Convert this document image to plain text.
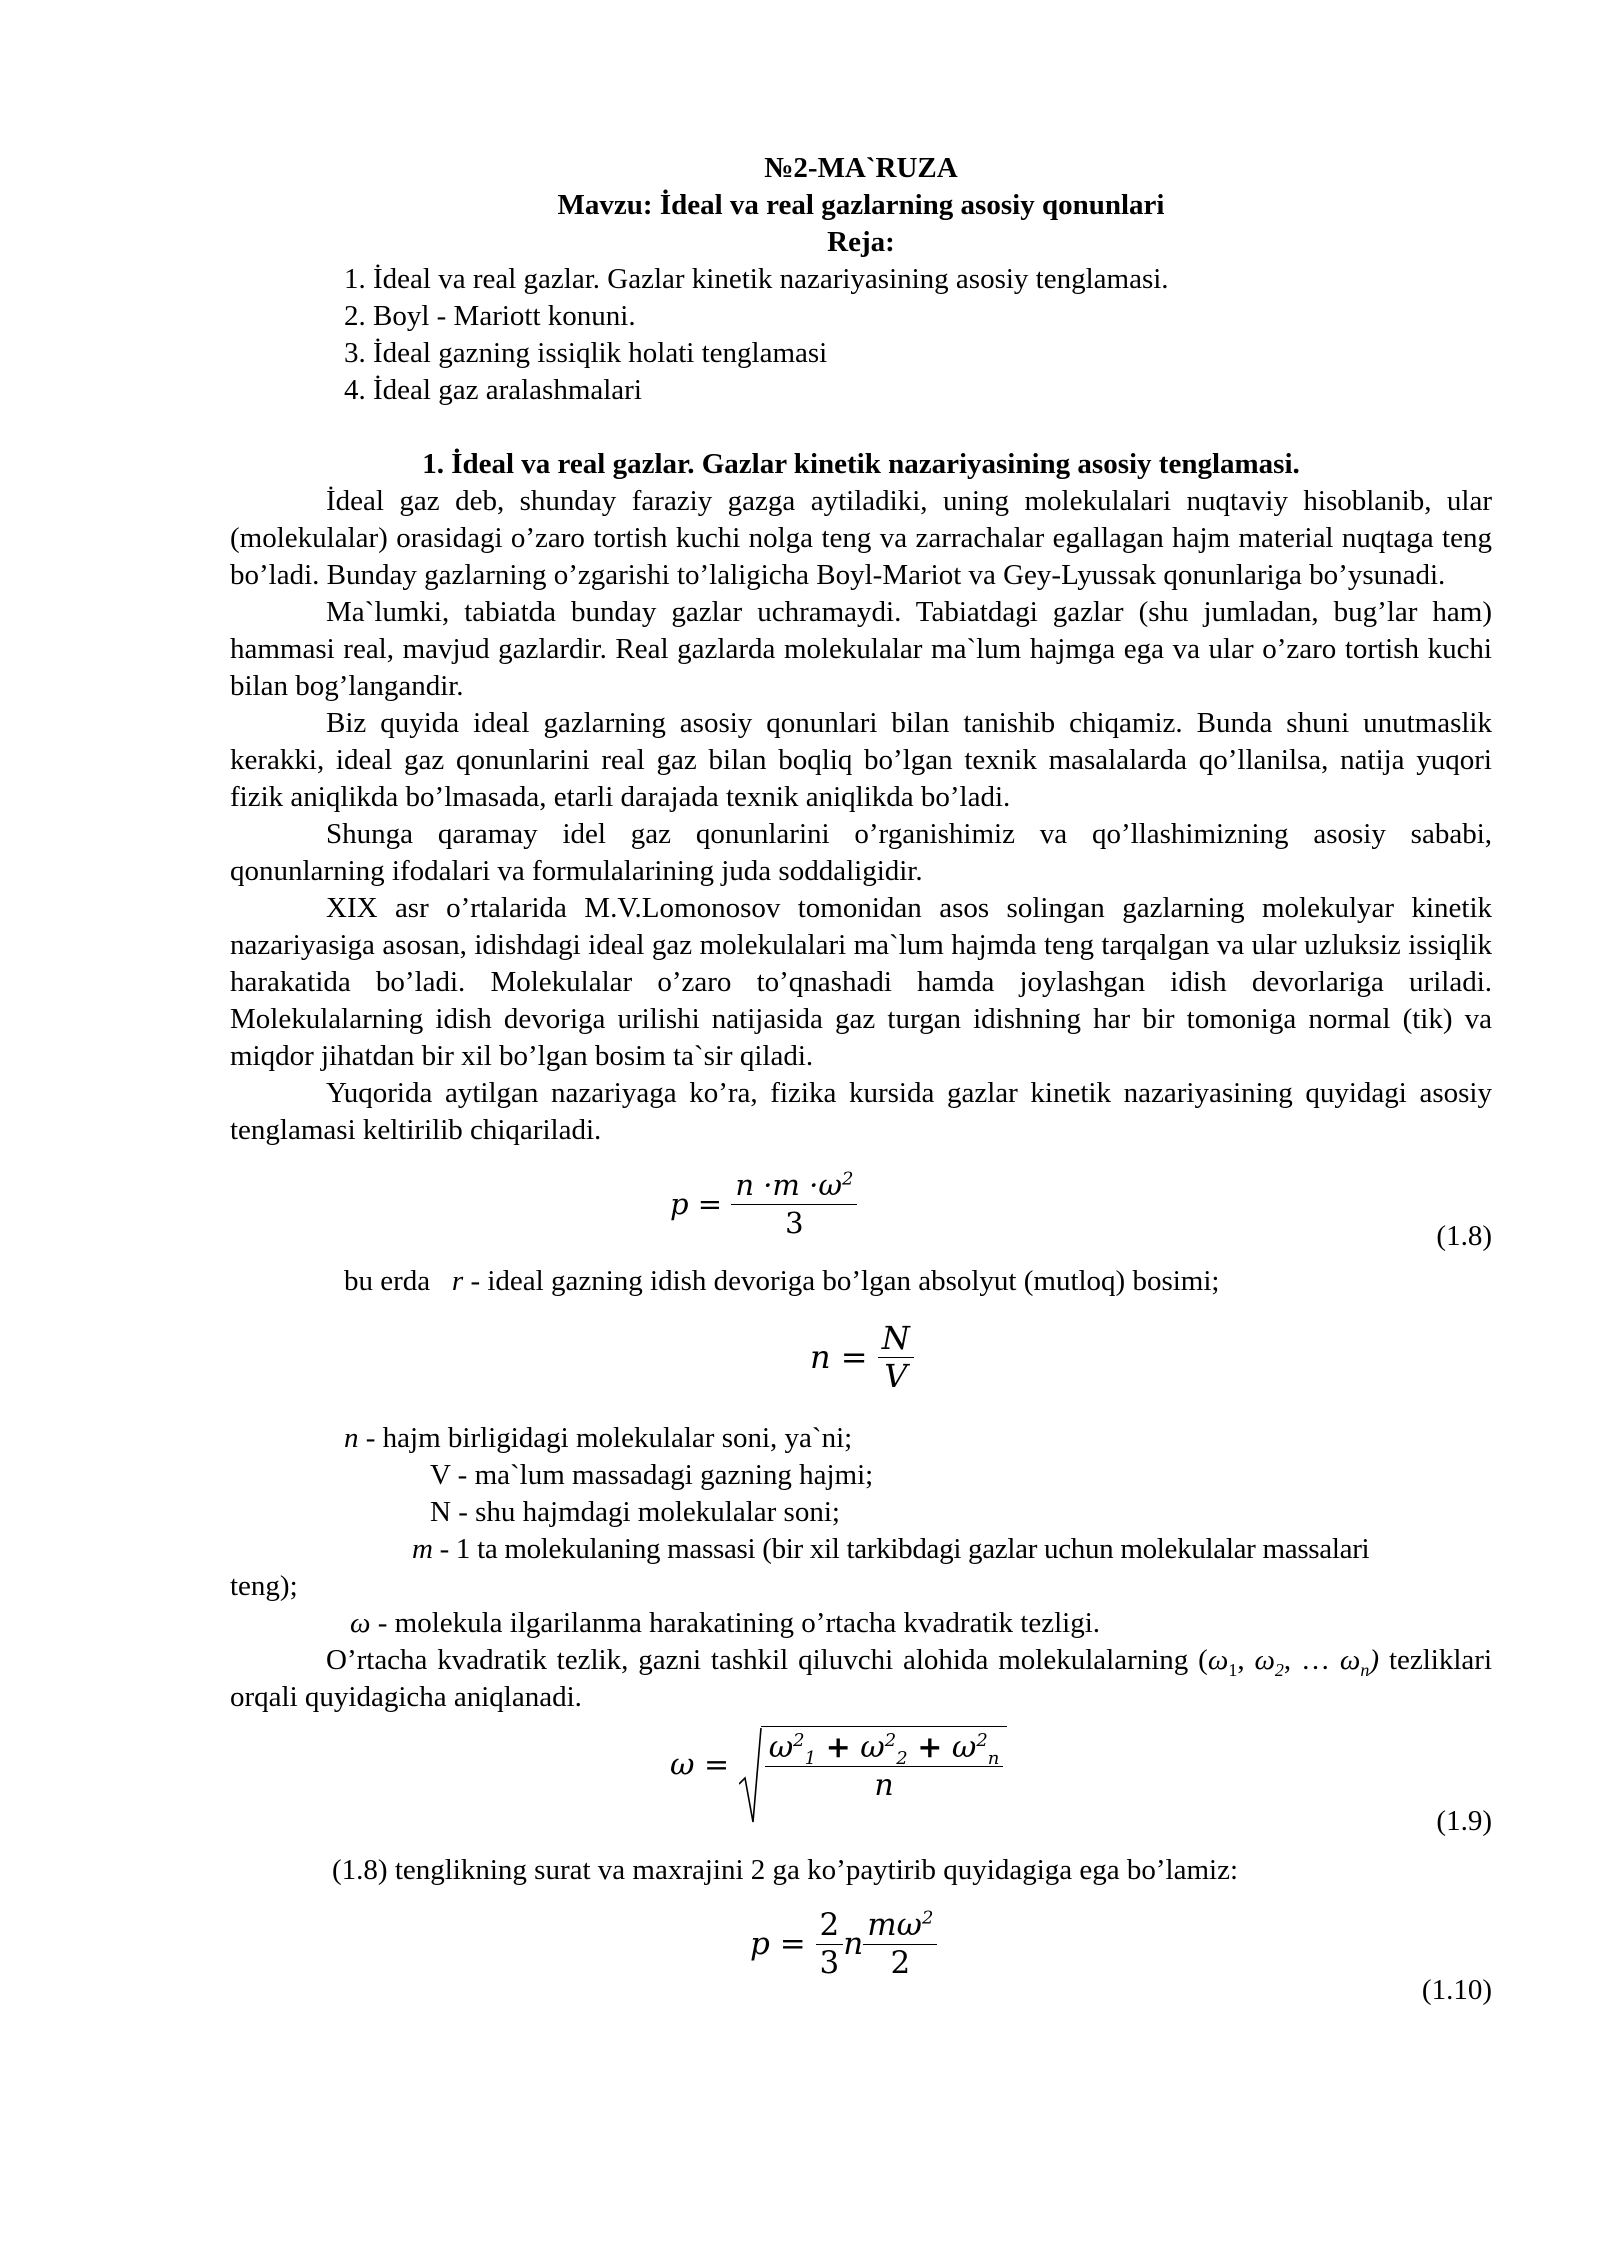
№2-MA`RUZA
Mavzu: İdeal va real gazlarning asosiy qonunlari
Reja:
1. İdeal va real gazlar. Gazlar kinetik nazariyasining asosiy tenglamasi.
2. Boyl - Mariott konuni.
3. İdeal gazning issiqlik holati tenglamasi
4. İdeal gaz aralashmalari
1. İdeal va real gazlar. Gazlar kinetik nazariyasining asosiy tenglamasi.

İdeal gaz deb, shunday faraziy gazga aytiladiki, uning molekulalari nuqtaviy hisoblanib, ular (molekulalar) orasidagi o’zaro tortish kuchi nolga teng va zarrachalar egallagan hajm material nuqtaga teng bo’ladi. Bunday gazlarning o’zgarishi to’laligicha Boyl-Mariot va Gey-Lyussak qonunlariga bo’ysunadi.

Ma`lumki, tabiatda bunday gazlar uchramaydi. Tabiatdagi gazlar (shu jumladan, bug’lar ham) hammasi real, mavjud gazlardir. Real gazlarda molekulalar ma`lum hajmga ega va ular o’zaro tortish kuchi bilan bog’langandir.

Biz quyida ideal gazlarning asosiy qonunlari bilan tanishib chiqamiz. Bunda shuni unutmaslik kerakki, ideal gaz qonunlarini real gaz bilan boqliq bo’lgan texnik masalalarda qo’llanilsa, natija yuqori fizik aniqlikda bo’lmasada, etarli darajada texnik aniqlikda bo’ladi.

Shunga qaramay idel gaz qonunlarini o’rganishimiz va qo’llashimizning asosiy sababi, qonunlarning ifodalari va formulalarining juda soddaligidir.

XIX asr o’rtalarida M.V.Lomonosov tomonidan asos solingan gazlarning molekulyar kinetik nazariyasiga asosan, idishdagi ideal gaz molekulalari ma`lum hajmda teng tarqalgan va ular uzluksiz issiqlik harakatida bo’ladi. Molekulalar o’zaro to’qnashadi hamda joylashgan idish devorlariga uriladi. Molekulalarning idish devoriga urilishi natijasida gaz turgan idishning har bir tomoniga normal (tik) va miqdor jihatdan bir xil bo’lgan bosim ta`sir qiladi.

Yuqorida aytilgan nazariyaga ko’ra, fizika kursida gazlar kinetik nazariyasining quyidagi asosiy tenglamasi keltirilib chiqariladi.

$p = \frac{n \cdot m \cdot\omega^2}{3}$	(1.8)
bu erda r - ideal gazning idish devoriga bo’lgan absolyut (mutloq) bosimi;
$n = \frac{N}{V}$
n - hajm birligidagi molekulalar soni, ya`ni;
V - ma`lum massadagi gazning hajmi;
N - shu hajmdagi molekulalar soni;
m - 1 ta molekulaning massasi (bir xil tarkibdagi gazlar uchun molekulalar massalari
teng);
ω - molekula ilgarilanma harakatining o’rtacha kvadratik tezligi.

O’rtacha kvadratik tezlik, gazni tashkil qiluvchi alohida molekulalarning ($\omega_1$, $\omega_2$, … $\omega_n$) tezliklari orqali quyidagicha aniqlanadi.

$\omega = \frac{\omega^2_1 + \omega^2_2 + \omega^2_n}{n}$
(1.9)
(1.8) tenglikning surat va maxrajini 2 ga ko’paytirib quyidagiga ega bo’lamiz:
$p = \frac{2}{3}$ n $\frac{m\omega^2}{2}$
(1.10)
